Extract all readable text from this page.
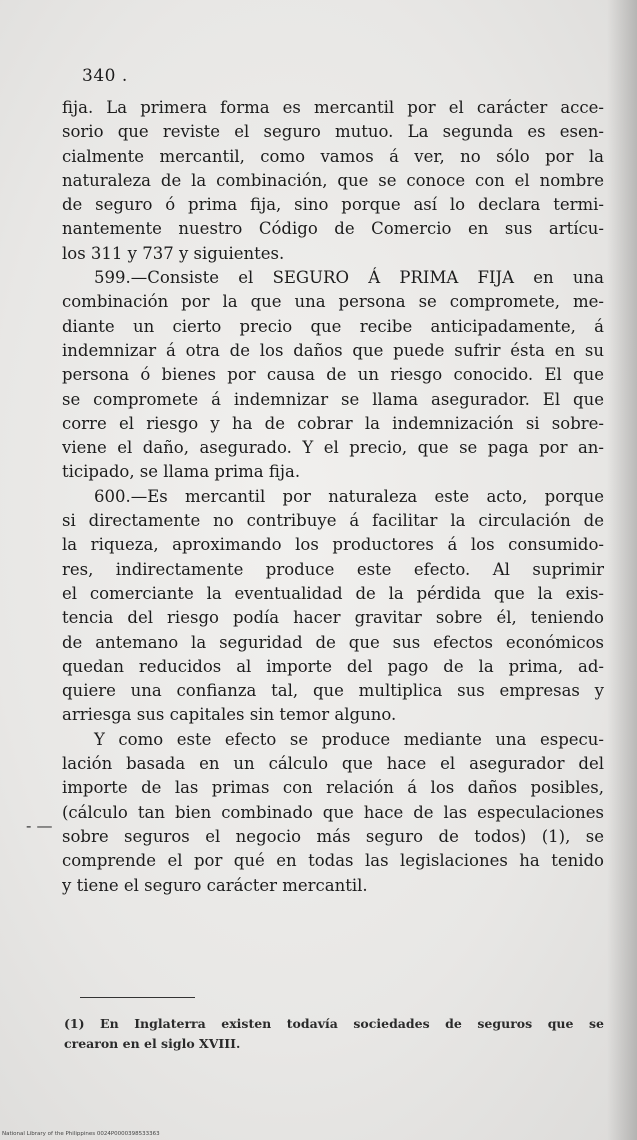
340 .
fija. La primera forma es mercantil por el carácter acce-
sorio que reviste el seguro mutuo. La segunda es esen-
cialmente mercantil, como vamos á ver, no sólo por la
naturaleza de la combinación, que se conoce con el nombre
de seguro ó prima fija, sino porque así lo declara termi-
nantemente nuestro Código de Comercio en sus artícu-
los 311 y 737 y siguientes.
599.—Consiste el SEGURO Á PRIMA FIJA en una
combinación por la que una persona se compromete, me-
diante un cierto precio que recibe anticipadamente, á
indemnizar á otra de los daños que puede sufrir ésta en su
persona ó bienes por causa de un riesgo conocido. El que
se compromete á indemnizar se llama asegurador. El que
corre el riesgo y ha de cobrar la indemnización si sobre-
viene el daño, asegurado. Y el precio, que se paga por an-
ticipado, se llama prima fija.
600.—Es mercantil por naturaleza este acto, porque
si directamente no contribuye á facilitar la circulación de
la riqueza, aproximando los productores á los consumido-
res, indirectamente produce este efecto. Al suprimir
el comerciante la eventualidad de la pérdida que la exis-
tencia del riesgo podía hacer gravitar sobre él, teniendo
de antemano la seguridad de que sus efectos económicos
quedan reducidos al importe del pago de la prima, ad-
quiere una confianza tal, que multiplica sus empresas y
arriesga sus capitales sin temor alguno.
Y como este efecto se produce mediante una especu-
lación basada en un cálculo que hace el asegurador del
importe de las primas con relación á los daños posibles,
(cálculo tan bien combinado que hace de las especulaciones
sobre seguros el negocio más seguro de todos) (1), se
comprende el por qué en todas las legislaciones ha tenido
y tiene el seguro carácter mercantil.
- —
(1) En Inglaterra existen todavía sociedades de seguros que se
crearon en el siglo XVIII.
National Library of the Philippines 0024P0000398533363
